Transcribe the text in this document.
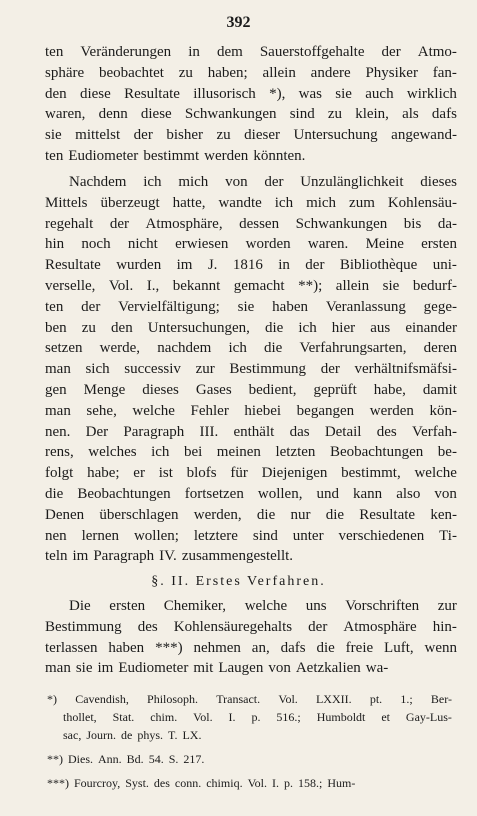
392
ten Veränderungen in dem Sauerstoffgehalte der Atmo-
sphäre beobachtet zu haben; allein andere Physiker fan-
den diese Resultate illusorisch *), was sie auch wirklich
waren, denn diese Schwankungen sind zu klein, als dafs
sie mittelst der bisher zu dieser Untersuchung angewand-
ten Eudiometer bestimmt werden könnten.
Nachdem ich mich von der Unzulänglichkeit dieses
Mittels überzeugt hatte, wandte ich mich zum Kohlensäu-
regehalt der Atmosphäre, dessen Schwankungen bis da-
hin noch nicht erwiesen worden waren. Meine ersten
Resultate wurden im J. 1816 in der Bibliothèque uni-
verselle, Vol. I., bekannt gemacht **); allein sie bedurf-
ten der Vervielfältigung; sie haben Veranlassung gege-
ben zu den Untersuchungen, die ich hier aus einander
setzen werde, nachdem ich die Verfahrungsarten, deren
man sich successiv zur Bestimmung der verhältnifsmäfsi-
gen Menge dieses Gases bedient, geprüft habe, damit
man sehe, welche Fehler hiebei begangen werden kön-
nen. Der Paragraph III. enthält das Detail des Verfah-
rens, welches ich bei meinen letzten Beobachtungen be-
folgt habe; er ist blofs für Diejenigen bestimmt, welche
die Beobachtungen fortsetzen wollen, und kann also von
Denen überschlagen werden, die nur die Resultate ken-
nen lernen wollen; letztere sind unter verschiedenen Ti-
teln im Paragraph IV. zusammengestellt.
§. II. Erstes Verfahren.
Die ersten Chemiker, welche uns Vorschriften zur
Bestimmung des Kohlensäuregehalts der Atmosphäre hin-
terlassen haben ***) nehmen an, dafs die freie Luft, wenn
man sie im Eudiometer mit Laugen von Aetzkalien wa-
*) Cavendish, Philosoph. Transact. Vol. LXXII. pt. 1.; Ber-
thollet, Stat. chim. Vol. I. p. 516.; Humboldt et Gay-Lus-
sac, Journ. de phys. T. LX.
**) Dies. Ann. Bd. 54. S. 217.
***) Fourcroy, Syst. des conn. chimiq. Vol. I. p. 158.; Hum-
